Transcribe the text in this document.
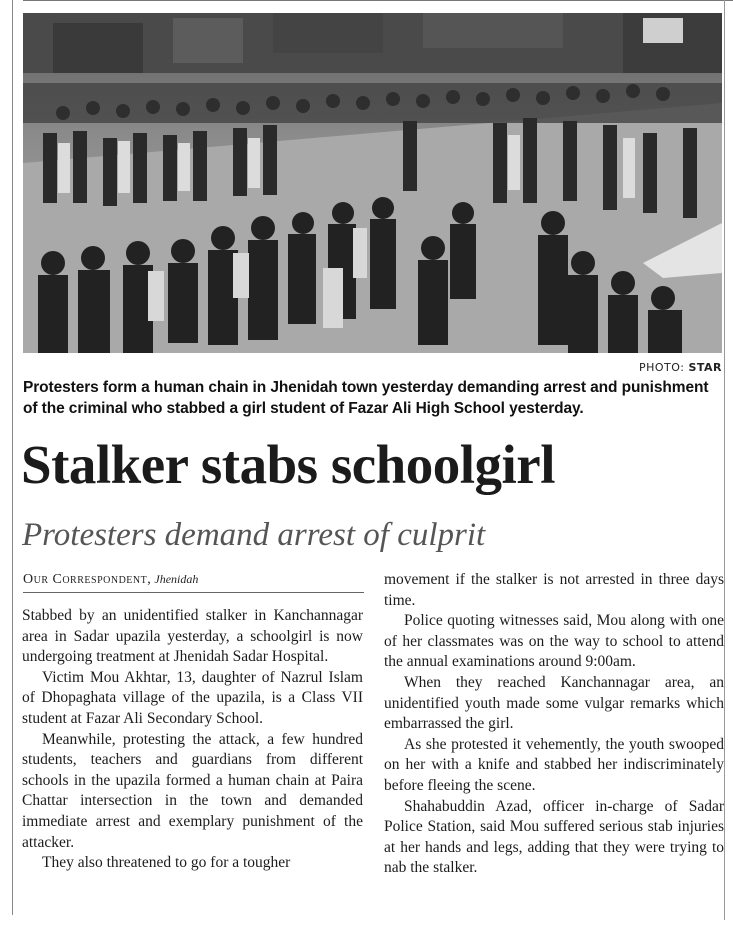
PHOTO: STAR
Protesters form a human chain in Jhenidah town yesterday demanding arrest and punishment of the criminal who stabbed a girl student of Fazar Ali High School yesterday.
Stalker stabs schoolgirl
Protesters demand arrest of culprit
Our Correspondent, Jhenidah

Stabbed by an unidentified stalker in Kanchannagar area in Sadar upazila yesterday, a schoolgirl is now undergoing treatment at Jhenidah Sadar Hospital.

Victim Mou Akhtar, 13, daughter of Nazrul Islam of Dhopaghata village of the upazila, is a Class VII student at Fazar Ali Secondary School.

Meanwhile, protesting the attack, a few hundred students, teachers and guardians from different schools in the upazila formed a human chain at Paira Chattar intersection in the town and demanded immediate arrest and exemplary punishment of the attacker.

They also threatened to go for a tougher

movement if the stalker is not arrested in three days time.

Police quoting witnesses said, Mou along with one of her classmates was on the way to school to attend the annual examinations around 9:00am.

When they reached Kanchannagar area, an unidentified youth made some vulgar remarks which embarrassed the girl.

As she protested it vehemently, the youth swooped on her with a knife and stabbed her indiscriminately before fleeing the scene.

Shahabuddin Azad, officer in-charge of Sadar Police Station, said Mou suffered serious stab injuries at her hands and legs, adding that they were trying to nab the stalker.
